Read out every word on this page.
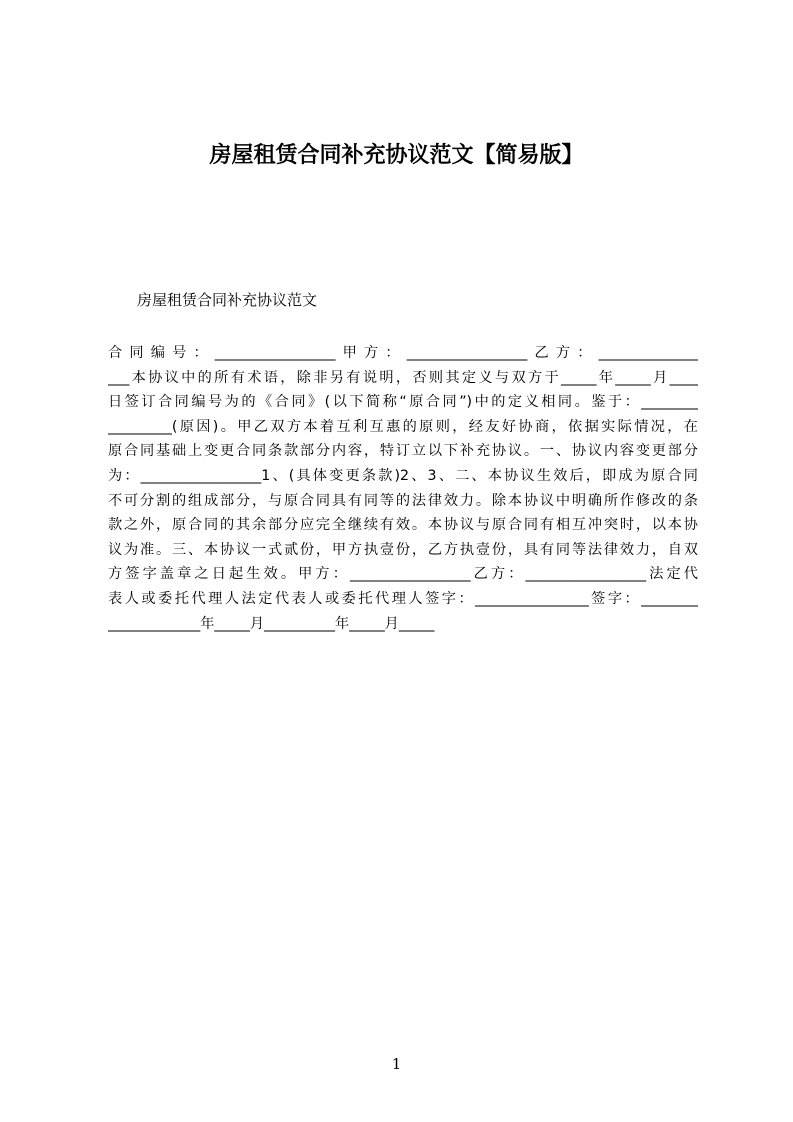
房屋租赁合同补充协议范文【简易版】

房屋租赁合同补充协议范文

合同编号：_________________甲方：_________________乙方：______________
___本协议中的所有术语，除非另有说明，否则其定义与双方于_____年_____月____
日签订合同编号为的《合同》(以下简称“原合同”)中的定义相同。鉴于：________
_________(原因)。甲乙双方本着互利互惠的原则，经友好协商，依据实际情况，在
原合同基础上变更合同条款部分内容，特订立以下补充协议。一、协议内容变更部分
为：_________________1、(具体变更条款)2、3、二、本协议生效后，即成为原合同
不可分割的组成部分，与原合同具有同等的法律效力。除本协议中明确所作修改的条
款之外，原合同的其余部分应完全继续有效。本协议与原合同有相互冲突时，以本协
议为准。三、本协议一式贰份，甲方执壹份，乙方执壹份，具有同等法律效力，自双
方签字盖章之日起生效。甲方：_________________乙方：_________________法定代
表人或委托代理人法定代表人或委托代理人签字：________________签字：________
_____________年_____月__________年_____月_____

1
